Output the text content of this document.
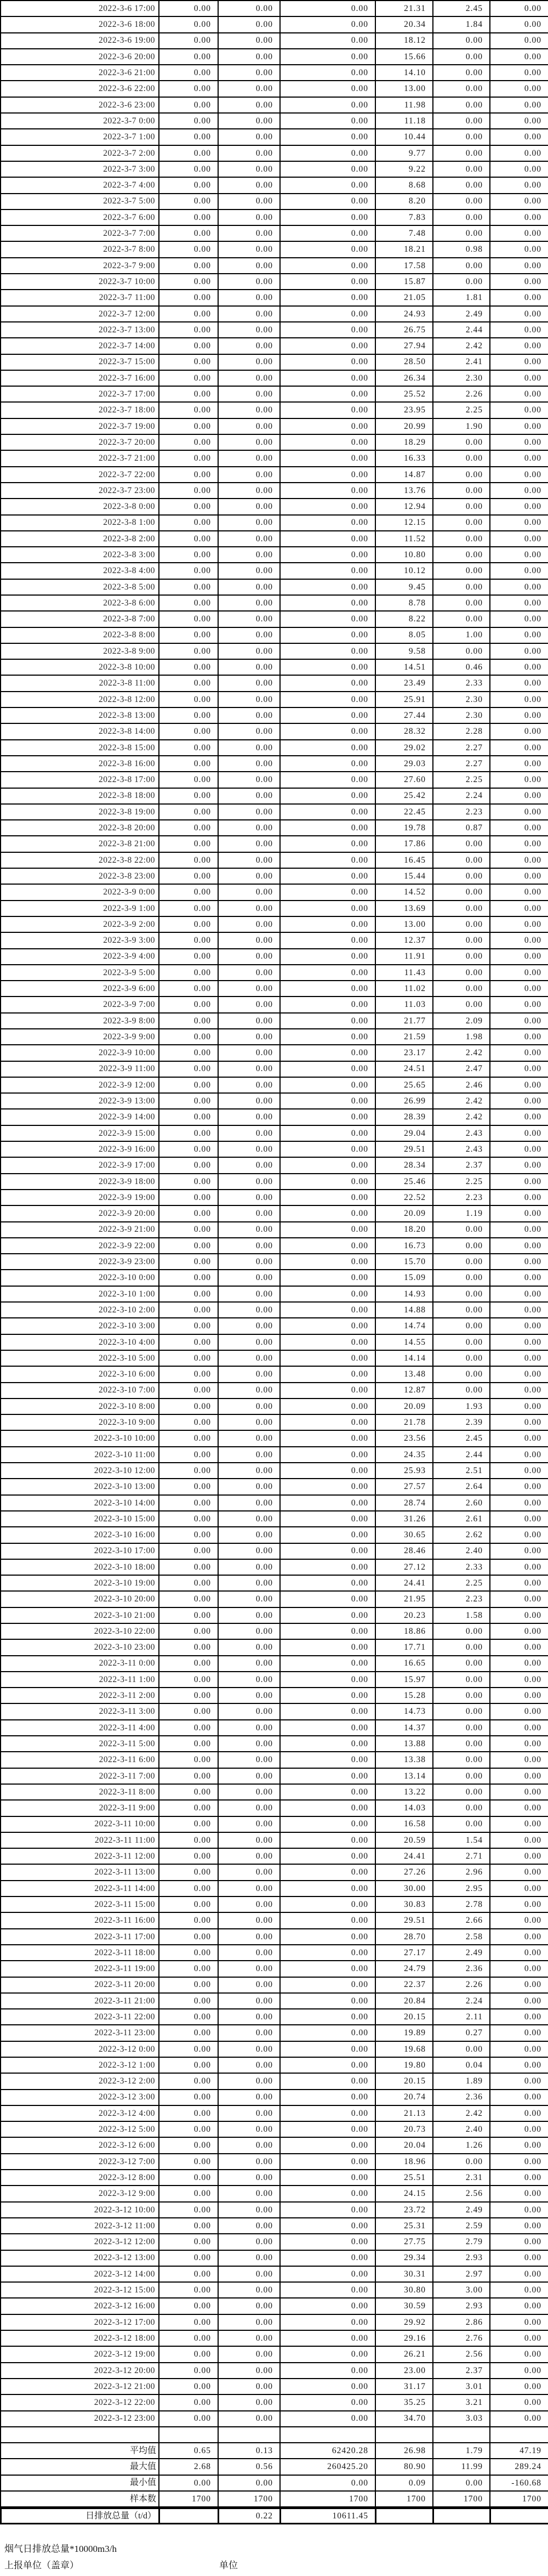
2022-3-6 17:00	0.00	0.00	0.00	21.31	2.45	0.00
2022-3-6 18:00	0.00	0.00	0.00	20.34	1.84	0.00
2022-3-6 19:00	0.00	0.00	0.00	18.12	0.00	0.00
2022-3-6 20:00	0.00	0.00	0.00	15.66	0.00	0.00
2022-3-6 21:00	0.00	0.00	0.00	14.10	0.00	0.00
2022-3-6 22:00	0.00	0.00	0.00	13.00	0.00	0.00
2022-3-6 23:00	0.00	0.00	0.00	11.98	0.00	0.00
2022-3-7 0:00	0.00	0.00	0.00	11.18	0.00	0.00
2022-3-7 1:00	0.00	0.00	0.00	10.44	0.00	0.00
2022-3-7 2:00	0.00	0.00	0.00	9.77	0.00	0.00
2022-3-7 3:00	0.00	0.00	0.00	9.22	0.00	0.00
2022-3-7 4:00	0.00	0.00	0.00	8.68	0.00	0.00
2022-3-7 5:00	0.00	0.00	0.00	8.20	0.00	0.00
2022-3-7 6:00	0.00	0.00	0.00	7.83	0.00	0.00
2022-3-7 7:00	0.00	0.00	0.00	7.48	0.00	0.00
2022-3-7 8:00	0.00	0.00	0.00	18.21	0.98	0.00
2022-3-7 9:00	0.00	0.00	0.00	17.58	0.00	0.00
2022-3-7 10:00	0.00	0.00	0.00	15.87	0.00	0.00
2022-3-7 11:00	0.00	0.00	0.00	21.05	1.81	0.00
2022-3-7 12:00	0.00	0.00	0.00	24.93	2.49	0.00
2022-3-7 13:00	0.00	0.00	0.00	26.75	2.44	0.00
2022-3-7 14:00	0.00	0.00	0.00	27.94	2.42	0.00
2022-3-7 15:00	0.00	0.00	0.00	28.50	2.41	0.00
2022-3-7 16:00	0.00	0.00	0.00	26.34	2.30	0.00
2022-3-7 17:00	0.00	0.00	0.00	25.52	2.26	0.00
2022-3-7 18:00	0.00	0.00	0.00	23.95	2.25	0.00
2022-3-7 19:00	0.00	0.00	0.00	20.99	1.90	0.00
2022-3-7 20:00	0.00	0.00	0.00	18.29	0.00	0.00
2022-3-7 21:00	0.00	0.00	0.00	16.33	0.00	0.00
2022-3-7 22:00	0.00	0.00	0.00	14.87	0.00	0.00
2022-3-7 23:00	0.00	0.00	0.00	13.76	0.00	0.00
2022-3-8 0:00	0.00	0.00	0.00	12.94	0.00	0.00
2022-3-8 1:00	0.00	0.00	0.00	12.15	0.00	0.00
2022-3-8 2:00	0.00	0.00	0.00	11.52	0.00	0.00
2022-3-8 3:00	0.00	0.00	0.00	10.80	0.00	0.00
2022-3-8 4:00	0.00	0.00	0.00	10.12	0.00	0.00
2022-3-8 5:00	0.00	0.00	0.00	9.45	0.00	0.00
2022-3-8 6:00	0.00	0.00	0.00	8.78	0.00	0.00
2022-3-8 7:00	0.00	0.00	0.00	8.22	0.00	0.00
2022-3-8 8:00	0.00	0.00	0.00	8.05	1.00	0.00
2022-3-8 9:00	0.00	0.00	0.00	9.58	0.00	0.00
2022-3-8 10:00	0.00	0.00	0.00	14.51	0.46	0.00
2022-3-8 11:00	0.00	0.00	0.00	23.49	2.33	0.00
2022-3-8 12:00	0.00	0.00	0.00	25.91	2.30	0.00
2022-3-8 13:00	0.00	0.00	0.00	27.44	2.30	0.00
2022-3-8 14:00	0.00	0.00	0.00	28.32	2.28	0.00
2022-3-8 15:00	0.00	0.00	0.00	29.02	2.27	0.00
2022-3-8 16:00	0.00	0.00	0.00	29.03	2.27	0.00
2022-3-8 17:00	0.00	0.00	0.00	27.60	2.25	0.00
2022-3-8 18:00	0.00	0.00	0.00	25.42	2.24	0.00
2022-3-8 19:00	0.00	0.00	0.00	22.45	2.23	0.00
2022-3-8 20:00	0.00	0.00	0.00	19.78	0.87	0.00
2022-3-8 21:00	0.00	0.00	0.00	17.86	0.00	0.00
2022-3-8 22:00	0.00	0.00	0.00	16.45	0.00	0.00
2022-3-8 23:00	0.00	0.00	0.00	15.44	0.00	0.00
2022-3-9 0:00	0.00	0.00	0.00	14.52	0.00	0.00
2022-3-9 1:00	0.00	0.00	0.00	13.69	0.00	0.00
2022-3-9 2:00	0.00	0.00	0.00	13.00	0.00	0.00
2022-3-9 3:00	0.00	0.00	0.00	12.37	0.00	0.00
2022-3-9 4:00	0.00	0.00	0.00	11.91	0.00	0.00
2022-3-9 5:00	0.00	0.00	0.00	11.43	0.00	0.00
2022-3-9 6:00	0.00	0.00	0.00	11.02	0.00	0.00
2022-3-9 7:00	0.00	0.00	0.00	11.03	0.00	0.00
2022-3-9 8:00	0.00	0.00	0.00	21.77	2.09	0.00
2022-3-9 9:00	0.00	0.00	0.00	21.59	1.98	0.00
2022-3-9 10:00	0.00	0.00	0.00	23.17	2.42	0.00
2022-3-9 11:00	0.00	0.00	0.00	24.51	2.47	0.00
2022-3-9 12:00	0.00	0.00	0.00	25.65	2.46	0.00
2022-3-9 13:00	0.00	0.00	0.00	26.99	2.42	0.00
2022-3-9 14:00	0.00	0.00	0.00	28.39	2.42	0.00
2022-3-9 15:00	0.00	0.00	0.00	29.04	2.43	0.00
2022-3-9 16:00	0.00	0.00	0.00	29.51	2.43	0.00
2022-3-9 17:00	0.00	0.00	0.00	28.34	2.37	0.00
2022-3-9 18:00	0.00	0.00	0.00	25.46	2.25	0.00
2022-3-9 19:00	0.00	0.00	0.00	22.52	2.23	0.00
2022-3-9 20:00	0.00	0.00	0.00	20.09	1.19	0.00
2022-3-9 21:00	0.00	0.00	0.00	18.20	0.00	0.00
2022-3-9 22:00	0.00	0.00	0.00	16.73	0.00	0.00
2022-3-9 23:00	0.00	0.00	0.00	15.70	0.00	0.00
2022-3-10 0:00	0.00	0.00	0.00	15.09	0.00	0.00
2022-3-10 1:00	0.00	0.00	0.00	14.93	0.00	0.00
2022-3-10 2:00	0.00	0.00	0.00	14.88	0.00	0.00
2022-3-10 3:00	0.00	0.00	0.00	14.74	0.00	0.00
2022-3-10 4:00	0.00	0.00	0.00	14.55	0.00	0.00
2022-3-10 5:00	0.00	0.00	0.00	14.14	0.00	0.00
2022-3-10 6:00	0.00	0.00	0.00	13.48	0.00	0.00
2022-3-10 7:00	0.00	0.00	0.00	12.87	0.00	0.00
2022-3-10 8:00	0.00	0.00	0.00	20.09	1.93	0.00
2022-3-10 9:00	0.00	0.00	0.00	21.78	2.39	0.00
2022-3-10 10:00	0.00	0.00	0.00	23.56	2.45	0.00
2022-3-10 11:00	0.00	0.00	0.00	24.35	2.44	0.00
2022-3-10 12:00	0.00	0.00	0.00	25.93	2.51	0.00
2022-3-10 13:00	0.00	0.00	0.00	27.57	2.64	0.00
2022-3-10 14:00	0.00	0.00	0.00	28.74	2.60	0.00
2022-3-10 15:00	0.00	0.00	0.00	31.26	2.61	0.00
2022-3-10 16:00	0.00	0.00	0.00	30.65	2.62	0.00
2022-3-10 17:00	0.00	0.00	0.00	28.46	2.40	0.00
2022-3-10 18:00	0.00	0.00	0.00	27.12	2.33	0.00
2022-3-10 19:00	0.00	0.00	0.00	24.41	2.25	0.00
2022-3-10 20:00	0.00	0.00	0.00	21.95	2.23	0.00
2022-3-10 21:00	0.00	0.00	0.00	20.23	1.58	0.00
2022-3-10 22:00	0.00	0.00	0.00	18.86	0.00	0.00
2022-3-10 23:00	0.00	0.00	0.00	17.71	0.00	0.00
2022-3-11 0:00	0.00	0.00	0.00	16.65	0.00	0.00
2022-3-11 1:00	0.00	0.00	0.00	15.97	0.00	0.00
2022-3-11 2:00	0.00	0.00	0.00	15.28	0.00	0.00
2022-3-11 3:00	0.00	0.00	0.00	14.73	0.00	0.00
2022-3-11 4:00	0.00	0.00	0.00	14.37	0.00	0.00
2022-3-11 5:00	0.00	0.00	0.00	13.88	0.00	0.00
2022-3-11 6:00	0.00	0.00	0.00	13.38	0.00	0.00
2022-3-11 7:00	0.00	0.00	0.00	13.14	0.00	0.00
2022-3-11 8:00	0.00	0.00	0.00	13.22	0.00	0.00
2022-3-11 9:00	0.00	0.00	0.00	14.03	0.00	0.00
2022-3-11 10:00	0.00	0.00	0.00	16.58	0.00	0.00
2022-3-11 11:00	0.00	0.00	0.00	20.59	1.54	0.00
2022-3-11 12:00	0.00	0.00	0.00	24.41	2.71	0.00
2022-3-11 13:00	0.00	0.00	0.00	27.26	2.96	0.00
2022-3-11 14:00	0.00	0.00	0.00	30.00	2.95	0.00
2022-3-11 15:00	0.00	0.00	0.00	30.83	2.78	0.00
2022-3-11 16:00	0.00	0.00	0.00	29.51	2.66	0.00
2022-3-11 17:00	0.00	0.00	0.00	28.70	2.58	0.00
2022-3-11 18:00	0.00	0.00	0.00	27.17	2.49	0.00
2022-3-11 19:00	0.00	0.00	0.00	24.79	2.36	0.00
2022-3-11 20:00	0.00	0.00	0.00	22.37	2.26	0.00
2022-3-11 21:00	0.00	0.00	0.00	20.84	2.24	0.00
2022-3-11 22:00	0.00	0.00	0.00	20.15	2.11	0.00
2022-3-11 23:00	0.00	0.00	0.00	19.89	0.27	0.00
2022-3-12 0:00	0.00	0.00	0.00	19.68	0.00	0.00
2022-3-12 1:00	0.00	0.00	0.00	19.80	0.04	0.00
2022-3-12 2:00	0.00	0.00	0.00	20.15	1.89	0.00
2022-3-12 3:00	0.00	0.00	0.00	20.74	2.36	0.00
2022-3-12 4:00	0.00	0.00	0.00	21.13	2.42	0.00
2022-3-12 5:00	0.00	0.00	0.00	20.73	2.40	0.00
2022-3-12 6:00	0.00	0.00	0.00	20.04	1.26	0.00
2022-3-12 7:00	0.00	0.00	0.00	18.96	0.00	0.00
2022-3-12 8:00	0.00	0.00	0.00	25.51	2.31	0.00
2022-3-12 9:00	0.00	0.00	0.00	24.15	2.56	0.00
2022-3-12 10:00	0.00	0.00	0.00	23.72	2.49	0.00
2022-3-12 11:00	0.00	0.00	0.00	25.31	2.59	0.00
2022-3-12 12:00	0.00	0.00	0.00	27.75	2.79	0.00
2022-3-12 13:00	0.00	0.00	0.00	29.34	2.93	0.00
2022-3-12 14:00	0.00	0.00	0.00	30.31	2.97	0.00
2022-3-12 15:00	0.00	0.00	0.00	30.80	3.00	0.00
2022-3-12 16:00	0.00	0.00	0.00	30.59	2.93	0.00
2022-3-12 17:00	0.00	0.00	0.00	29.92	2.86	0.00
2022-3-12 18:00	0.00	0.00	0.00	29.16	2.76	0.00
2022-3-12 19:00	0.00	0.00	0.00	26.21	2.56	0.00
2022-3-12 20:00	0.00	0.00	0.00	23.00	2.37	0.00
2022-3-12 21:00	0.00	0.00	0.00	31.17	3.01	0.00
2022-3-12 22:00	0.00	0.00	0.00	35.25	3.21	0.00
2022-3-12 23:00	0.00	0.00	0.00	34.70	3.03	0.00

平均值	0.65	0.13	62420.28	26.98	1.79	47.19
最大值	2.68	0.56	260425.20	80.90	11.99	289.24
最小值	0.00	0.00	0.00	0.09	0.00	-160.68
样本数	1700	1700	1700	1700	1700	1700
日排放总量（t/d）		0.22	10611.45			
烟气日排放总量*10000m3/h
上报单位（盖章）	单位
